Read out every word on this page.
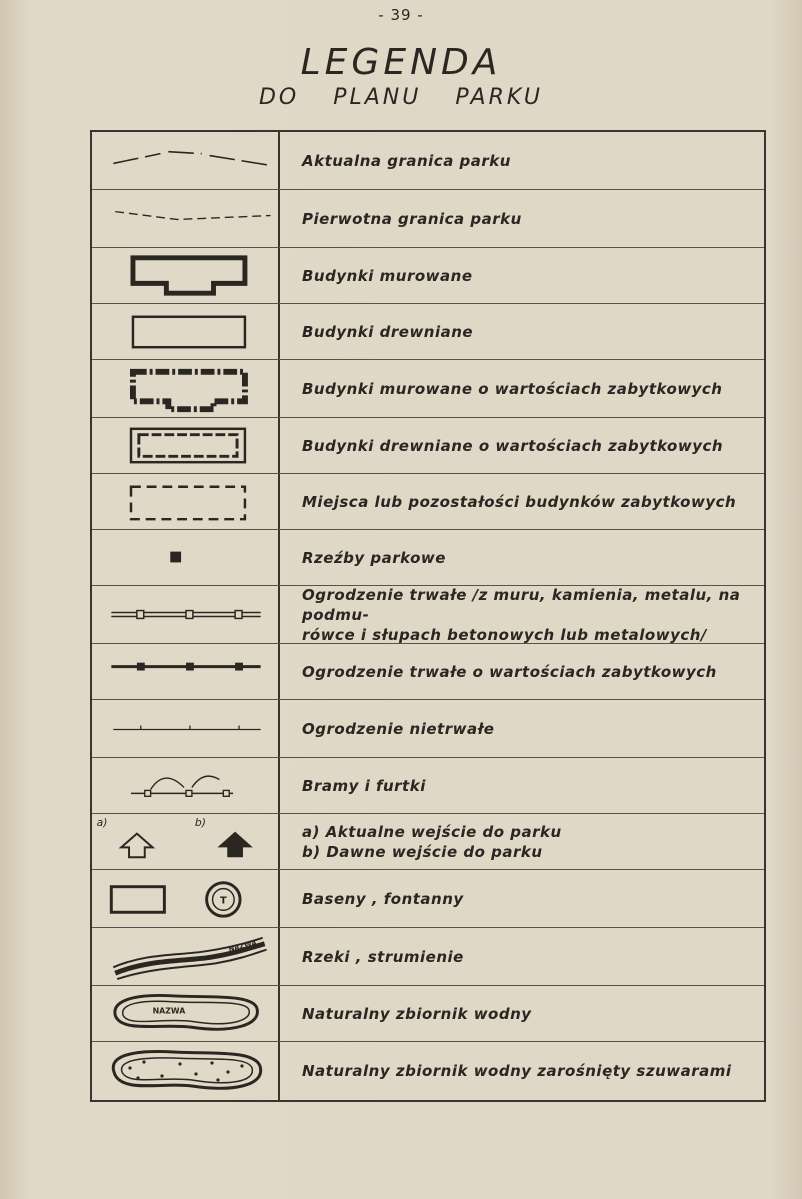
- 39 -
LEGENDA
DO PLANU PARKU
Aktualna granica parku
Pierwotna granica parku
Budynki murowane
Budynki drewniane
Budynki murowane o wartościach zabytkowych
Budynki drewniane o wartościach zabytkowych
Miejsca lub pozostałości budynków zabytkowych
Rzeźby parkowe
Ogrodzenie trwałe /z muru, kamienia, metalu, na podmu-
rówce i słupach betonowych lub metalowych/
Ogrodzenie trwałe o wartościach zabytkowych
Ogrodzenie nietrwałe
Bramy i furtki
a)	b)
a) Aktualne wejście do parku
b) Dawne wejście do parku
T	Baseny , fontanny
NAZWA
Rzeki , strumienie
NAZWA	Naturalny zbiornik wodny
Naturalny zbiornik wodny zarośnięty szuwarami
